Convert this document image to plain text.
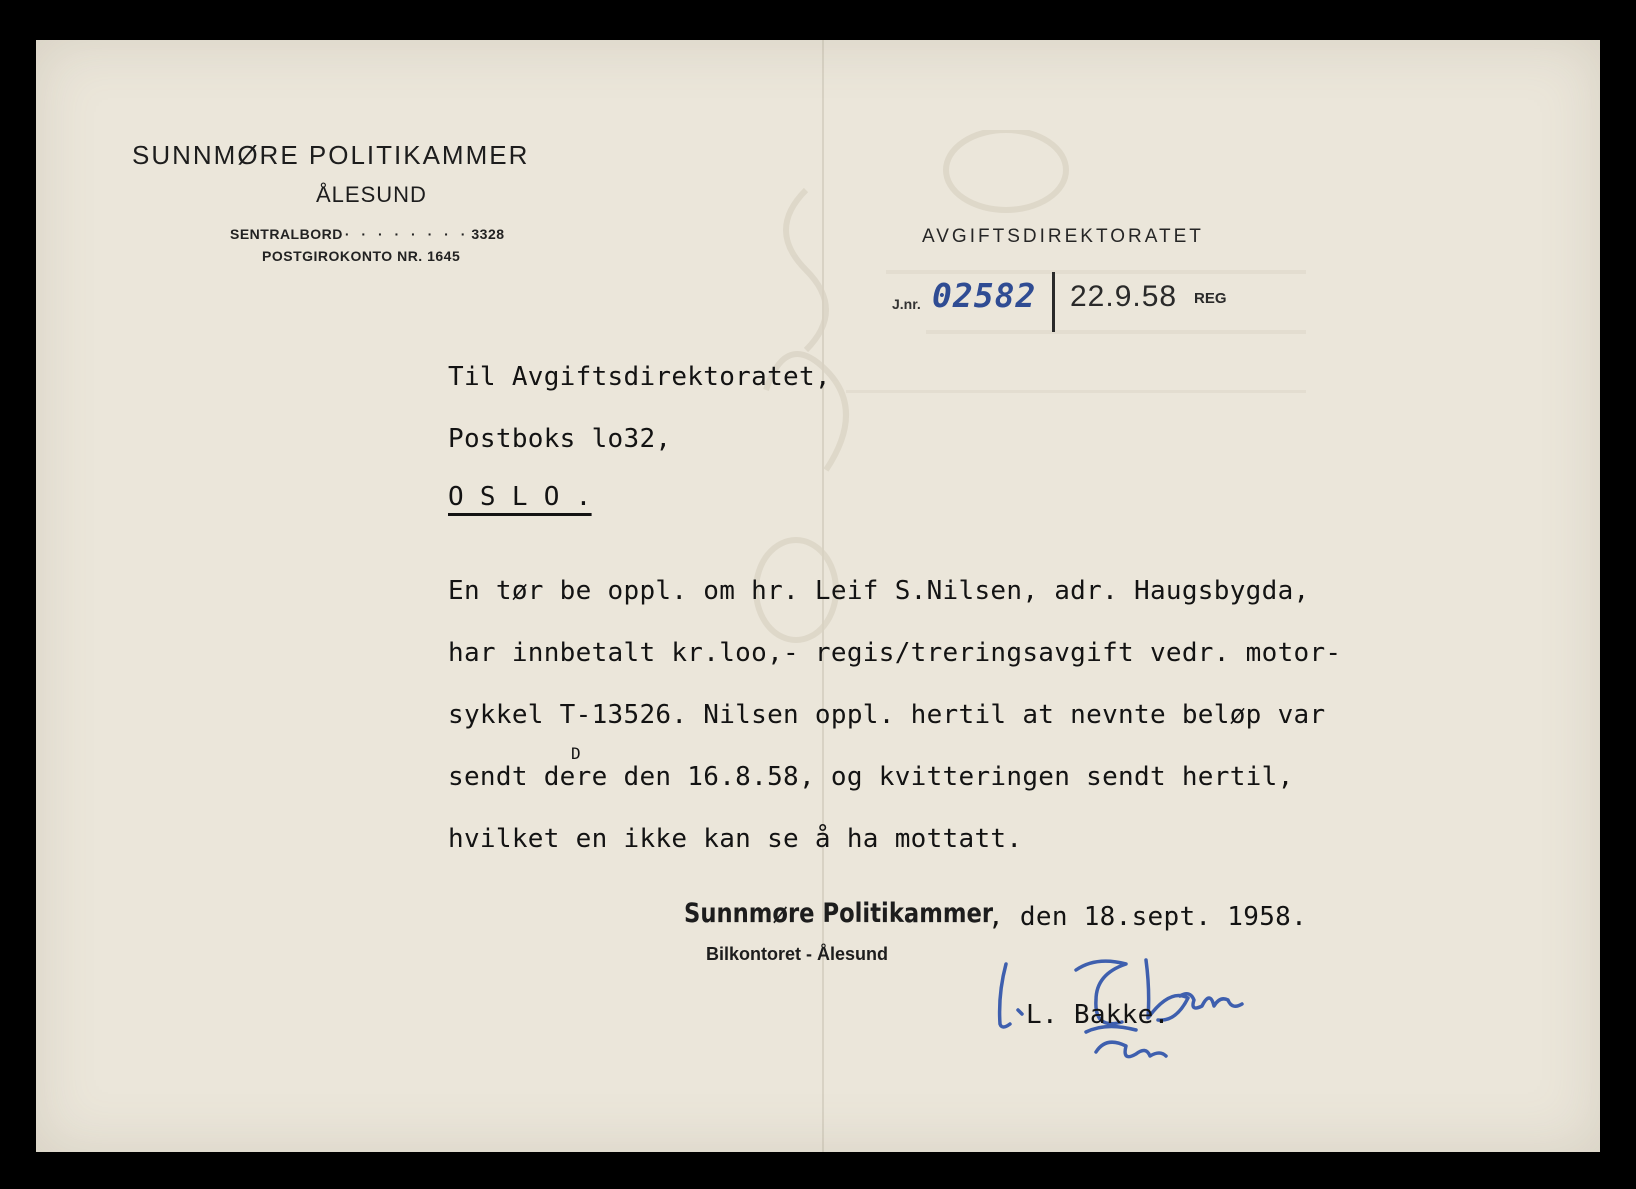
SUNNMØRE POLITIKAMMER
ÅLESUND
SENTRALBORD · · · · · · · · 3328
POSTGIROKONTO NR. 1645
AVGIFTSDIREKTORATET
J.nr. 02582 22.9.58 REG
Til Avgiftsdirektoratet,
Postboks lo32,
O S L O .
En tør be oppl. om hr. Leif S.Nilsen, adr. Haugsbygda,
har innbetalt kr.loo,- regis/treringsavgift vedr. motor-
sykkel T-13526. Nilsen oppl. hertil at nevnte beløp var
D
sendt dere den 16.8.58, og kvitteringen sendt hertil,
hvilket en ikke kan se å ha mottatt.
Sunnmøre Politikammer
Bilkontoret - Ålesund
, den 18.sept. 1958.
L. Bakke.
